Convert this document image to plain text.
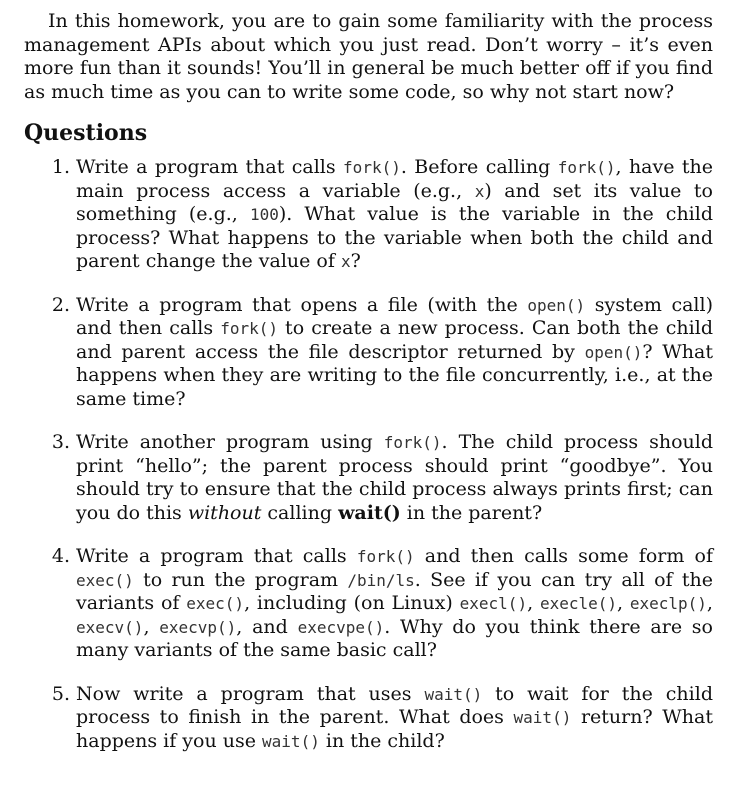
In this homework, you are to gain some familiarity with the process management APIs about which you just read. Don’t worry – it’s even more fun than it sounds! You’ll in general be much better off if you find as much time as you can to write some code, so why not start now?

Questions
1. Write a program that calls fork(). Before calling fork(), have the main process access a variable (e.g., x) and set its value to something (e.g., 100). What value is the variable in the child process? What happens to the variable when both the child and parent change the value of x?
2. Write a program that opens a file (with the open() system call) and then calls fork() to create a new process. Can both the child and parent access the file descriptor returned by open()? What happens when they are writing to the file concurrently, i.e., at the same time?
3. Write another program using fork(). The child process should print “hello”; the parent process should print “goodbye”. You should try to ensure that the child process always prints first; can you do this without calling wait() in the parent?
4. Write a program that calls fork() and then calls some form of exec() to run the program /bin/ls. See if you can try all of the variants of exec(), including (on Linux) execl(), execle(), execlp(), execv(), execvp(), and execvpe(). Why do you think there are so many variants of the same basic call?
5. Now write a program that uses wait() to wait for the child process to finish in the parent. What does wait() return? What happens if you use wait() in the child?
